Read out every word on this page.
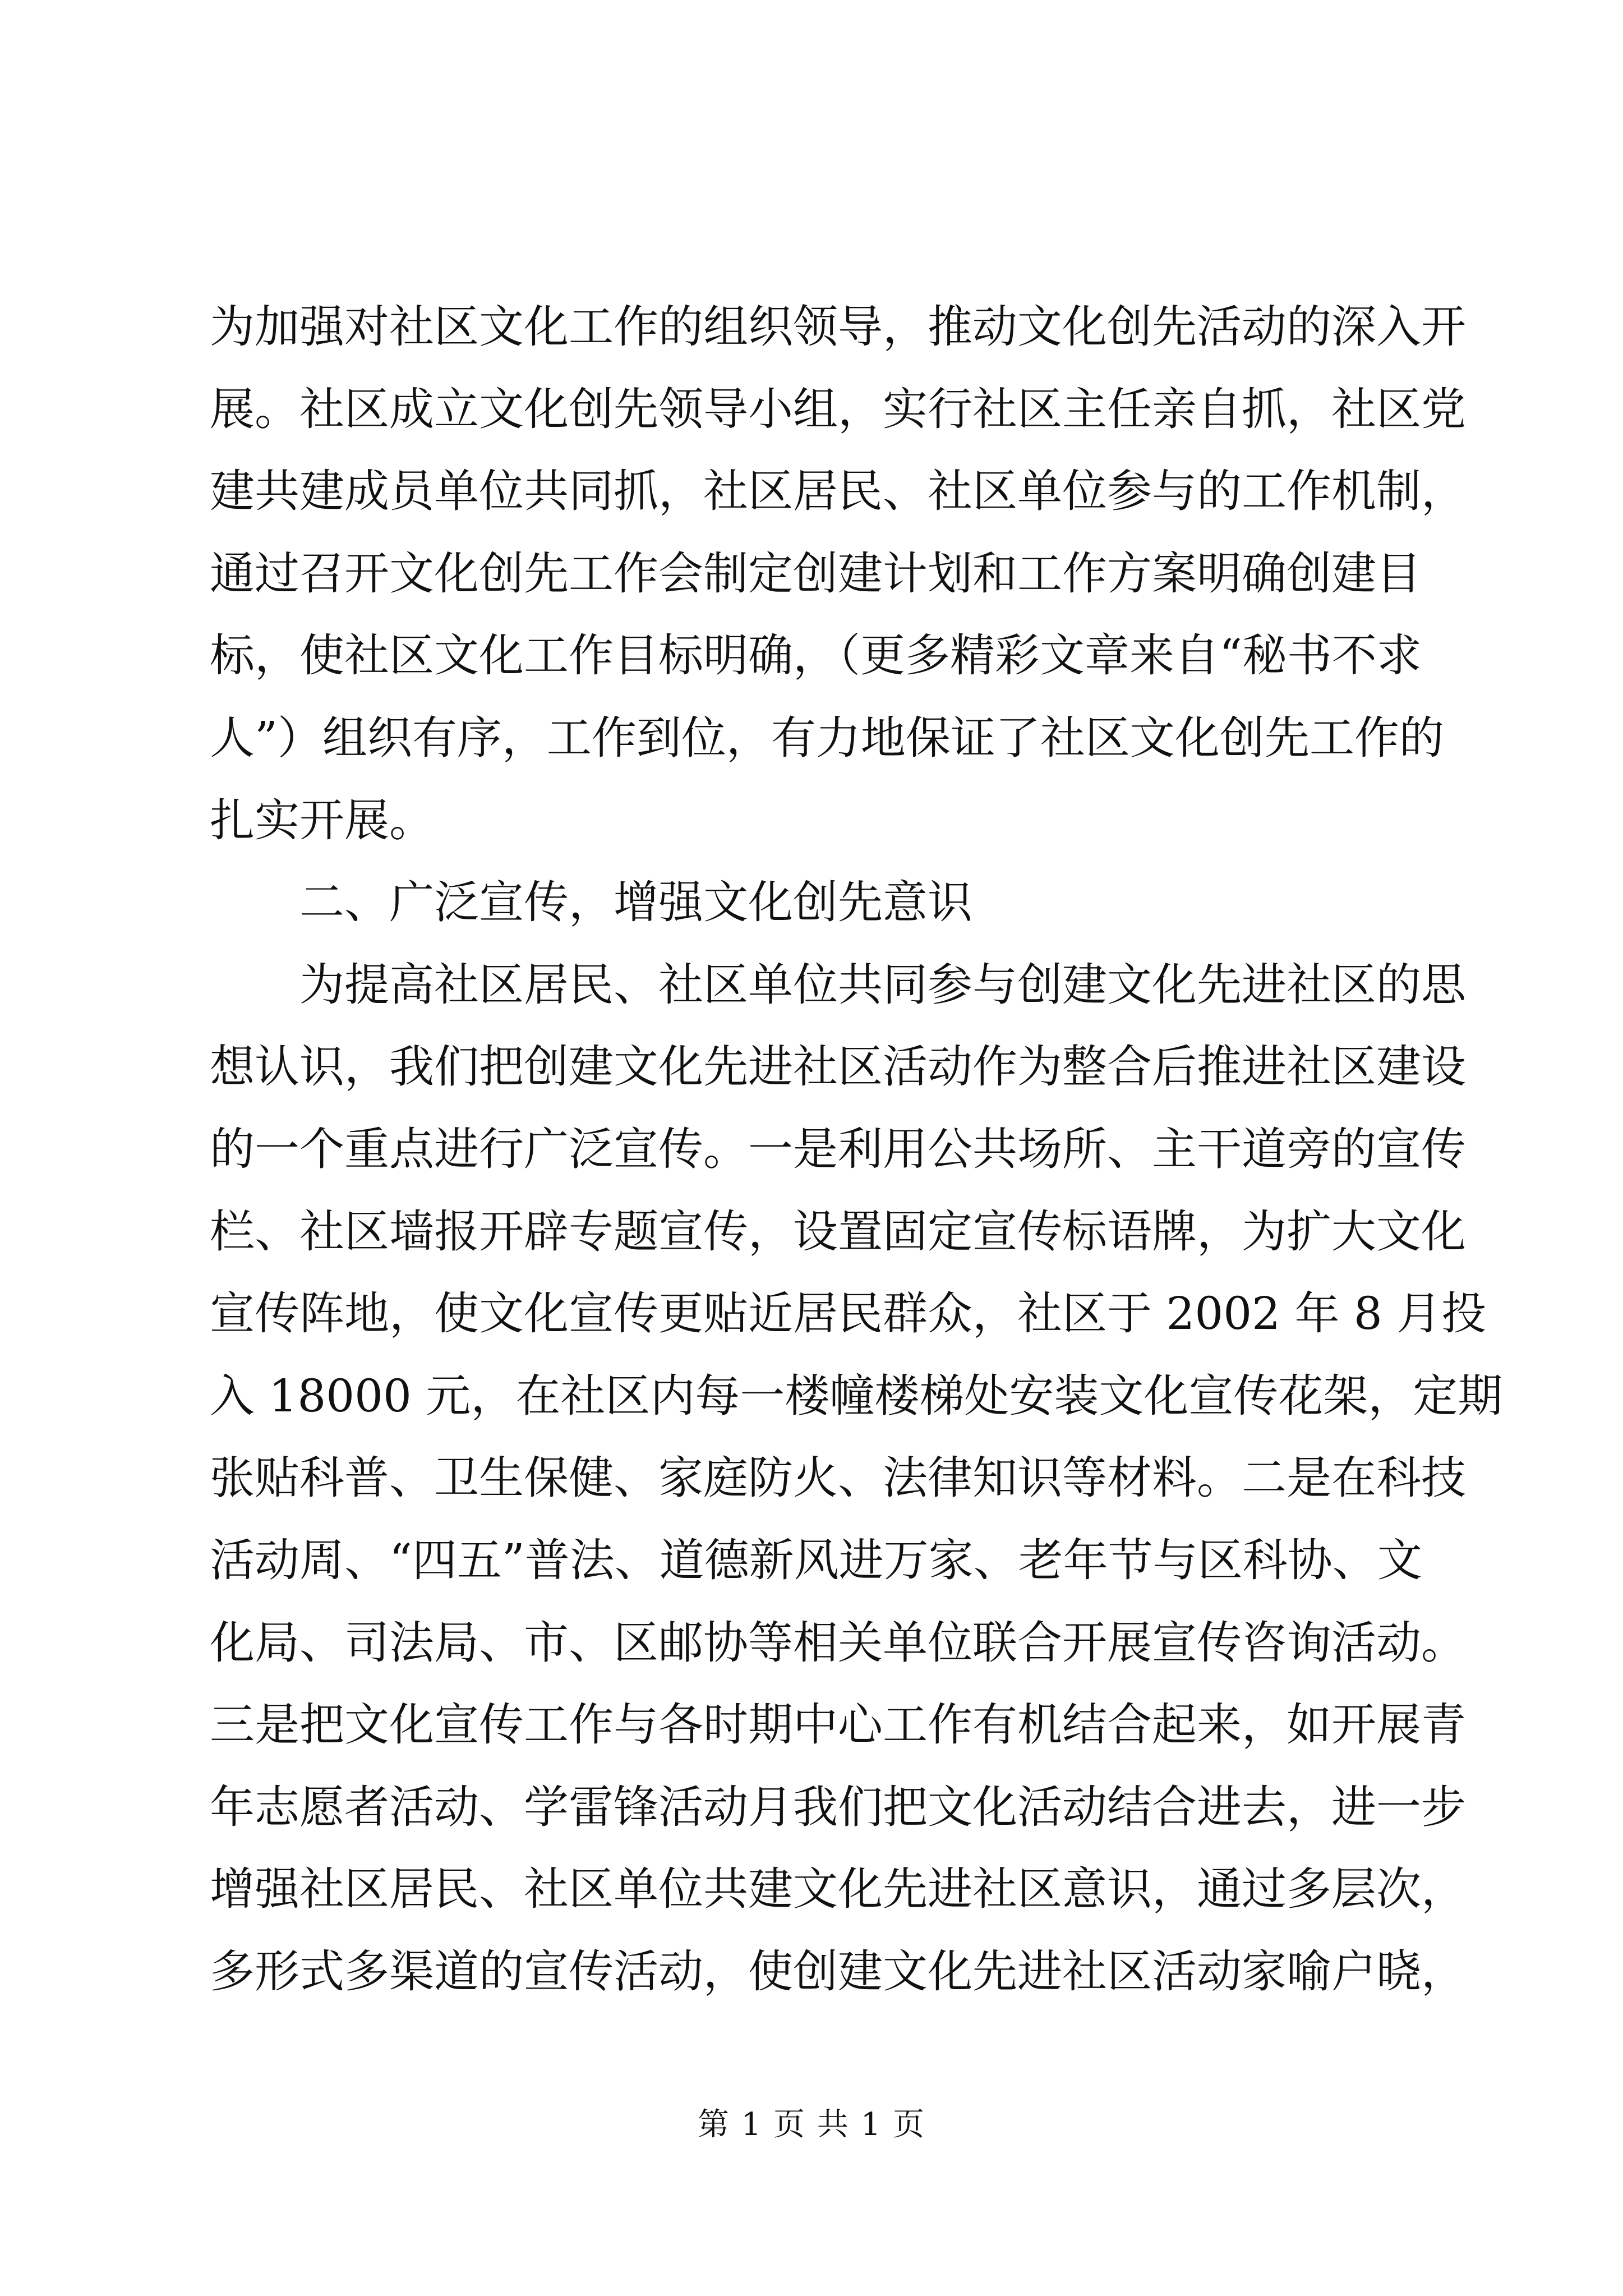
为加强对社区文化工作的组织领导，推动文化创先活动的深入开
展。社区成立文化创先领导小组，实行社区主任亲自抓，社区党
建共建成员单位共同抓，社区居民、社区单位参与的工作机制，
通过召开文化创先工作会制定创建计划和工作方案明确创建目
标，使社区文化工作目标明确，（更多精彩文章来自“秘书不求
人”）组织有序，工作到位，有力地保证了社区文化创先工作的
扎实开展。
二、广泛宣传，增强文化创先意识
为提高社区居民、社区单位共同参与创建文化先进社区的思
想认识，我们把创建文化先进社区活动作为整合后推进社区建设
的一个重点进行广泛宣传。一是利用公共场所、主干道旁的宣传
栏、社区墙报开辟专题宣传，设置固定宣传标语牌，为扩大文化
宣传阵地，使文化宣传更贴近居民群众，社区于 2002 年 8 月投
入 18000 元，在社区内每一楼幢楼梯处安装文化宣传花架，定期
张贴科普、卫生保健、家庭防火、法律知识等材料。二是在科技
活动周、“四五”普法、道德新风进万家、老年节与区科协、文
化局、司法局、市、区邮协等相关单位联合开展宣传咨询活动。
三是把文化宣传工作与各时期中心工作有机结合起来，如开展青
年志愿者活动、学雷锋活动月我们把文化活动结合进去，进一步
增强社区居民、社区单位共建文化先进社区意识，通过多层次，
多形式多渠道的宣传活动，使创建文化先进社区活动家喻户晓，
第 1 页 共 1 页
